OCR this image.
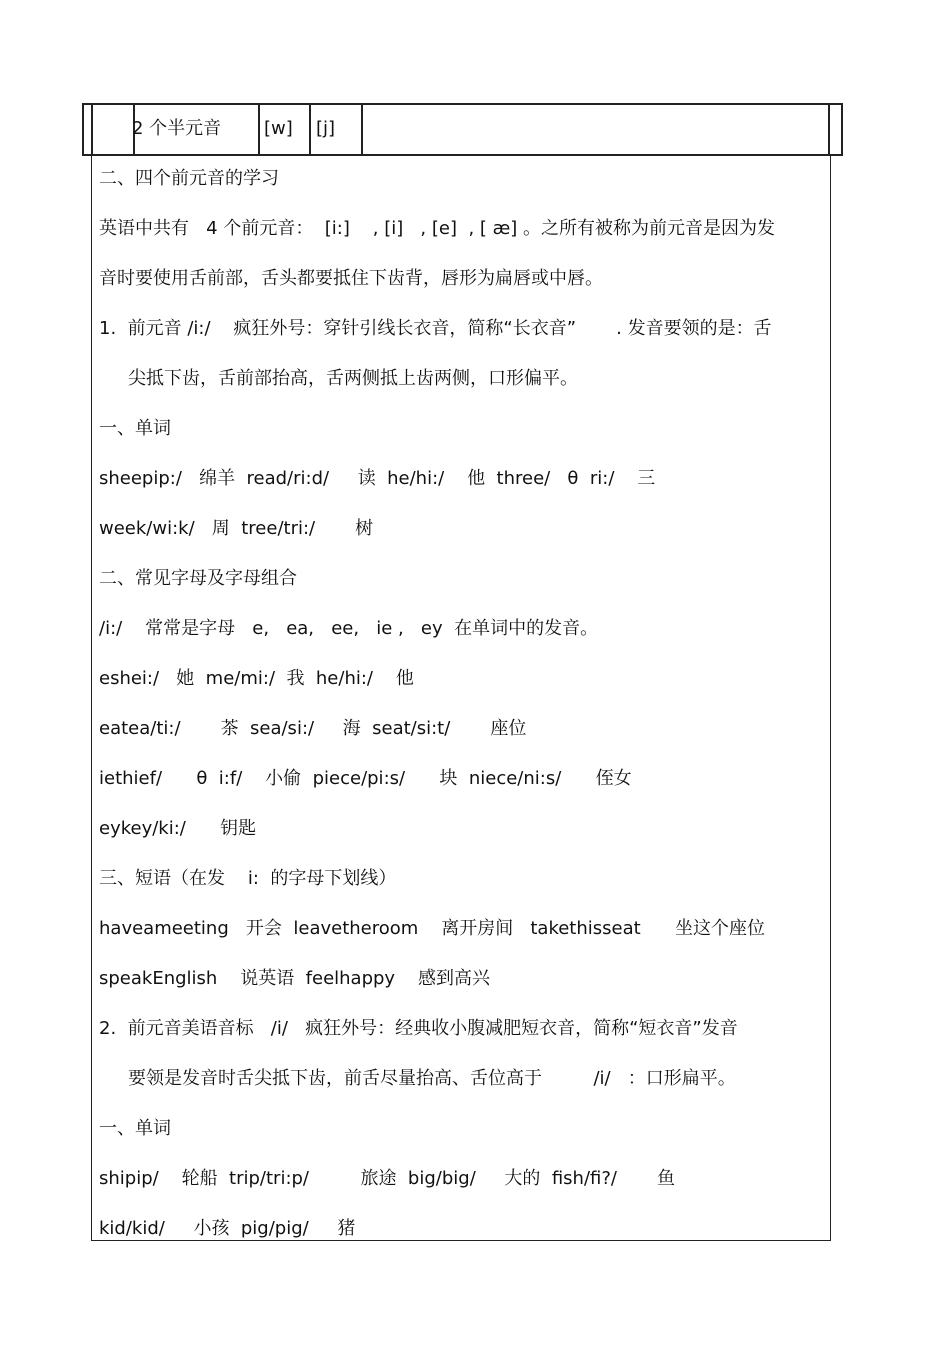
2 个半元音 [w] [j]
二、四个前元音的学习
英语中共有   4 个前元音：  [i:]    , [i]   , [e]  , [ æ] 。之所有被称为前元音是因为发
音时要使用舌前部，舌头都要抵住下齿背，唇形为扁唇或中唇。
1.  前元音 /i:/    疯狂外号：穿针引线长衣音，简称“长衣音”       . 发音要领的是：舌
尖抵下齿，舌前部抬高，舌两侧抵上齿两侧，口形偏平。
一、单词
sheepip:/   绵羊  read/ri:d/     读  he/hi:/    他  three/   θ  ri:/    三
week/wi:k/   周  tree/tri:/       树
二、常见字母及字母组合
/i:/    常常是字母   e,   ea,   ee,   ie ,   ey  在单词中的发音。
eshei:/   她  me/mi:/  我  he/hi:/    他
eatea/ti:/       茶  sea/si:/     海  seat/si:t/       座位
iethief/      θ  i:f/    小偷  piece/pi:s/      块  niece/ni:s/      侄女
eykey/ki:/      钥匙
三、短语（在发    i:  的字母下划线）
haveameeting   开会  leavetheroom    离开房间   takethisseat      坐这个座位
speakEnglish    说英语  feelhappy    感到高兴
2.  前元音美语音标   /i/   疯狂外号：经典收小腹减肥短衣音，简称“短衣音”发音
要领是发音时舌尖抵下齿，前舌尽量抬高、舌位高于         /i/   ：口形扁平。
一、单词
shipip/    轮船  trip/tri:p/         旅途  big/big/     大的  fish/fi?/       鱼
kid/kid/     小孩  pig/pig/     猪
